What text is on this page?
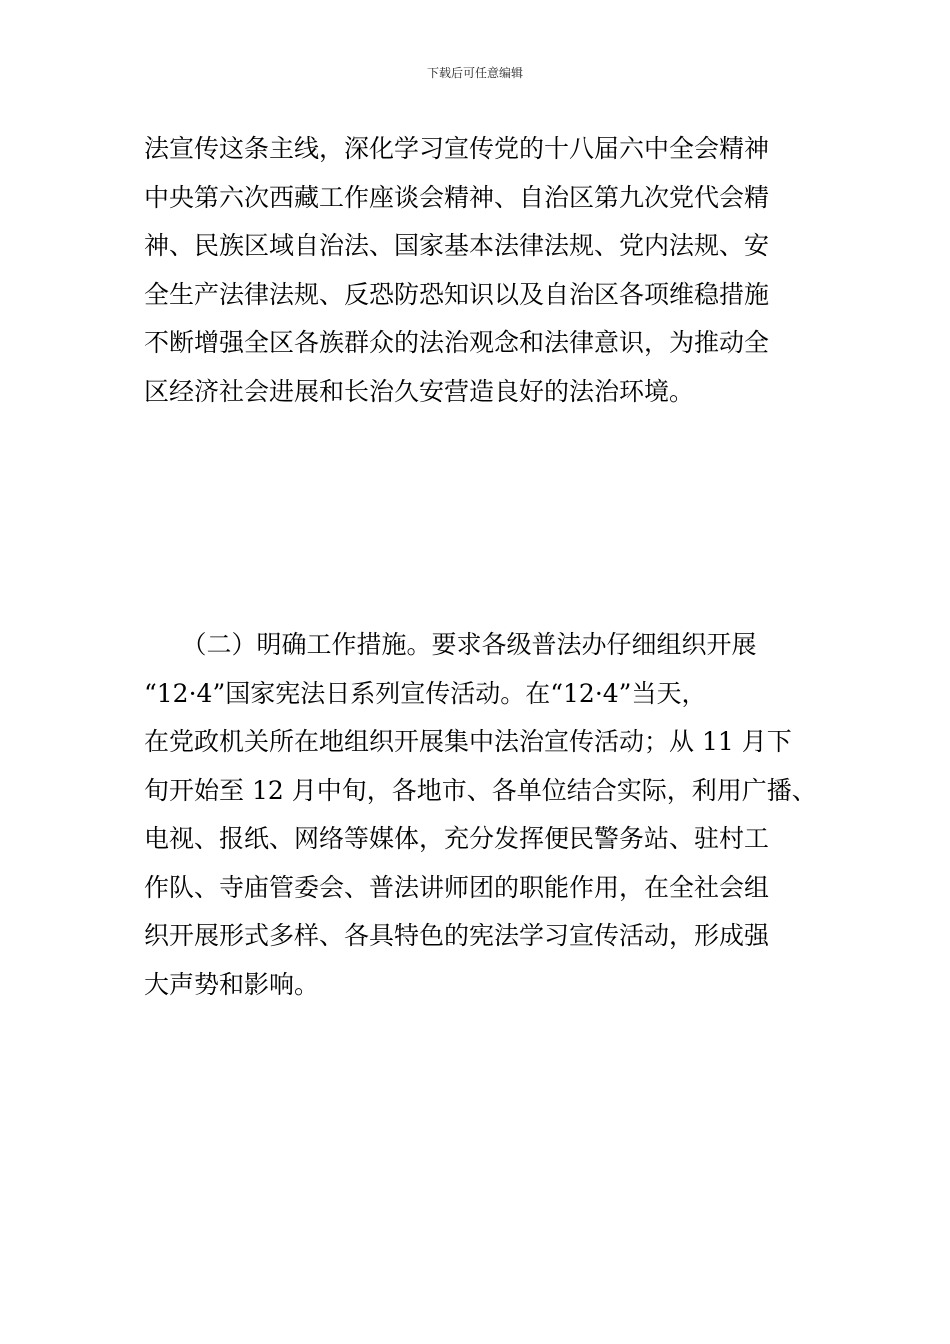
下载后可任意编辑
法宣传这条主线，深化学习宣传党的十八届六中全会精神
中央第六次西藏工作座谈会精神、自治区第九次党代会精
神、民族区域自治法、国家基本法律法规、党内法规、安
全生产法律法规、反恐防恐知识以及自治区各项维稳措施
不断增强全区各族群众的法治观念和法律意识，为推动全
区经济社会进展和长治久安营造良好的法治环境。
　　（二）明确工作措施。要求各级普法办仔细组织开展
“12·4”国家宪法日系列宣传活动。在“12·4”当天，
在党政机关所在地组织开展集中法治宣传活动；从 11 月下
旬开始至 12 月中旬，各地市、各单位结合实际，利用广播、
电视、报纸、网络等媒体，充分发挥便民警务站、驻村工
作队、寺庙管委会、普法讲师团的职能作用，在全社会组
织开展形式多样、各具特色的宪法学习宣传活动，形成强
大声势和影响。
